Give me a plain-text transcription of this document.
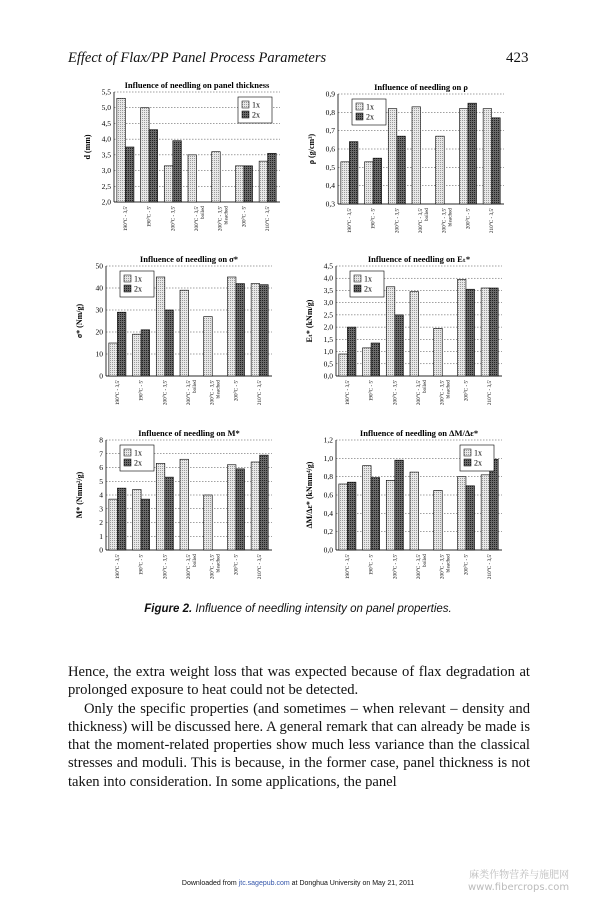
Effect of Flax/PP Panel Process Parameters	423
Influence of needling on panel thickness
2,0
2,5
3,0
3,5
4,0
4,5
5,0
5,5
d (mm)
190°C - 3,5'	190°C - 5'	200°C - 3,5'	200°C - 3,5' boiled 200°C - 3,5' bleached 200°C - 5'	210°C - 3,5'
1x
2x
Influence of needling on ρ
0,3
0,4
0,5
0,6
0,7
0,8
0,9
ρ (g/cm³)
190°C - 3,5'	190°C - 5'	200°C - 3,5'	200°C - 3,5' boiled 200°C - 3,5' bleached 200°C - 5'	210°C - 3,5'
1x
2x
Influence of needling on σ*
0
10
20
30
40
50
σ* (Nm/g)
190°C - 3,5'	190°C - 5'	200°C - 3,5'	200°C - 3,5' boiled 200°C - 3,5' bleached 200°C - 5'	210°C - 3,5'
1x
2x
Influence of needling on Eₜ*
0,0
0,5
1,0
1,5
2,0
2,5
3,0
3,5
4,0
4,5
Eₜ* (kNm/g)
190°C - 3,5'	190°C - 5'	200°C - 3,5'	200°C - 3,5' boiled 200°C - 3,5' bleached 200°C - 5'	210°C - 3,5'
1x
2x
Influence of needling on M*
0
1
2
3
4
5
6
7
8
M* (Nmm²/g)
190°C - 3,5'	190°C - 5'	200°C - 3,5'	200°C - 3,5' boiled 200°C - 3,5' bleached 200°C - 5'	210°C - 3,5'
1x
2x
Influence of needling on ΔM/Δε*
0,0
0,2
0,4
0,6
0,8
1,0
1,2
ΔM/Δε* (kNmm⁴/g)
190°C - 3,5'	190°C - 5'	200°C - 3,5'	200°C - 3,5' boiled 200°C - 3,5' bleached 200°C - 5'	210°C - 3,5'
1x
2x
Figure 2. Influence of needling intensity on panel properties.

Hence, the extra weight loss that was expected because of flax degradation at prolonged exposure to heat could not be detected.

Only the specific properties (and sometimes – when relevant – density and thickness) will be discussed here. A general remark that can already be made is that the moment-related properties show much less variance than the classical stresses and moduli. This is because, in the former case, panel thickness is not taken into consideration. In some applications, the panel

Downloaded from jtc.sagepub.com at Donghua University on May 21, 2011
麻类作物营养与施肥网
www.fibercrops.com
